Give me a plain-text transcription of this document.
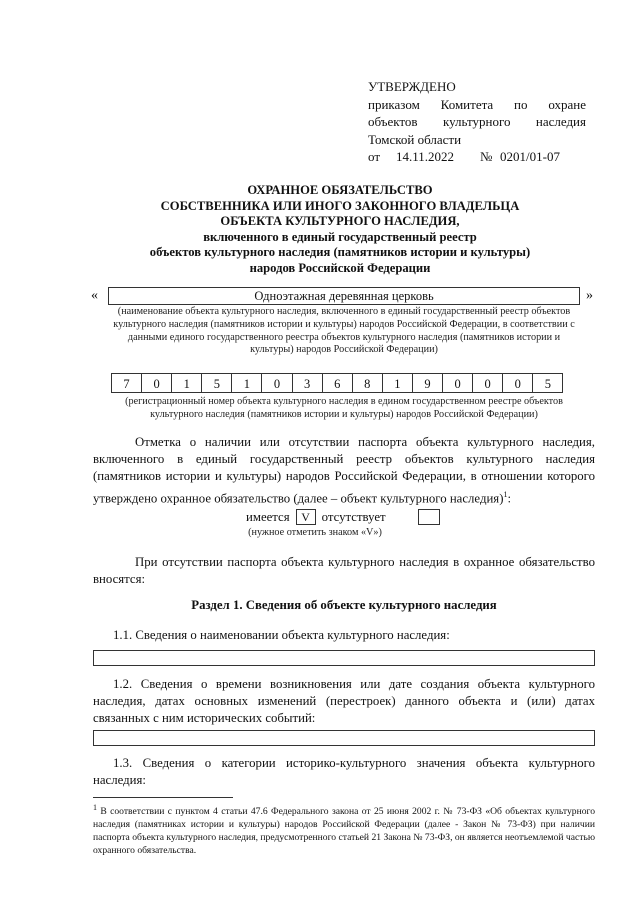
УТВЕРЖДЕНО
приказом Комитета по охране
объектов культурного наследия
Томской области
от	14.11.2022	№ 0201/01-07
ОХРАННОЕ ОБЯЗАТЕЛЬСТВО
СОБСТВЕННИКА ИЛИ ИНОГО ЗАКОННОГО ВЛАДЕЛЬЦА
ОБЪЕКТА КУЛЬТУРНОГО НАСЛЕДИЯ,
включенного в единый государственный реестр
объектов культурного наследия (памятников истории и культуры)
народов Российской Федерации
«	Одноэтажная деревянная церковь	»
(наименование объекта культурного наследия, включенного в единый государственный реестр объектов культурного наследия (памятников истории и культуры) народов Российской Федерации, в соответствии с данными единого государственного реестра объектов культурного наследия (памятников истории и культуры) народов Российской Федерации)
7	0	1	5	1	0	3	6	8	1	9	0	0	0	5
(регистрационный номер объекта культурного наследия в едином государственном реестре объектов культурного наследия (памятников истории и культуры) народов Российской Федерации)
Отметка о наличии или отсутствии паспорта объекта культурного наследия, включенного в единый государственный реестр объектов культурного наследия (памятников истории и культуры) народов Российской Федерации, в отношении которого утверждено охранное обязательство (далее – объект культурного наследия)$^1$:
имеется V отсутствует
(нужное отметить знаком «V»)
При отсутствии паспорта объекта культурного наследия в охранное обязательство вносятся:
Раздел 1. Сведения об объекте культурного наследия
1.1. Сведения о наименовании объекта культурного наследия:
1.2. Сведения о времени возникновения или дате создания объекта культурного наследия, датах основных изменений (перестроек) данного объекта и (или) датах связанных с ним исторических событий:
1.3. Сведения о категории историко-культурного значения объекта культурного наследия:
$^1$ В соответствии с пунктом 4 статьи 47.6 Федерального закона от 25 июня 2002 г. № 73-ФЗ «Об объектах культурного наследия (памятниках истории и культуры) народов Российской Федерации (далее - Закон № 73-ФЗ) при наличии паспорта объекта культурного наследия, предусмотренного статьей 21 Закона № 73-ФЗ, он является неотъемлемой частью охранного обязательства.
